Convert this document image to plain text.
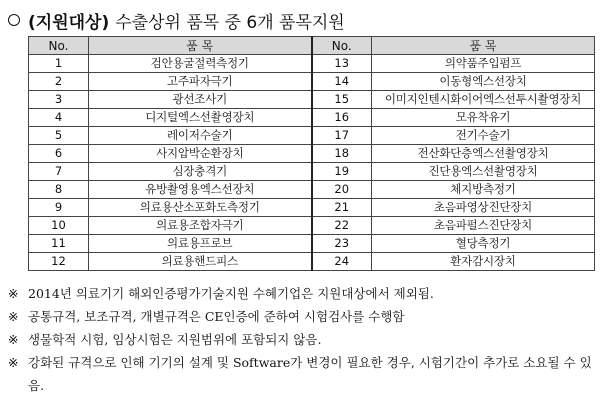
(지원대상) 수출상위 품목 중 6개 품목지원
No.	품 목	No.	품 목
1	검안용굴절력측정기	13	의약품주입펌프
2	고주파자극기	14	이동형엑스선장치
3	광선조사기	15	이미지인텐시화이어엑스선투시촬영장치
4	디지털엑스선촬영장치	16	모유착유기
5	레이저수술기	17	전기수술기
6	사지압박순환장치	18	전산화단층엑스선촬영장치
7	심장충격기	19	진단용엑스선촬영장치
8	유방촬영용엑스선장치	20	체지방측정기
9	의료용산소포화도측정기	21	초음파영상진단장치
10	의료용조합자극기	22	초음파펄스진단장치
11	의료용프로브	23	혈당측정기
12	의료용핸드피스	24	환자감시장치
※ 2014년 의료기기 해외인증평가기술지원 수혜기업은 지원대상에서 제외됨.
※ 공통규격, 보조규격, 개별규격은 CE인증에 준하여 시험검사를 수행함
※ 생물학적 시험, 임상시험은 지원범위에 포함되지 않음.
※ 강화된 규격으로 인해 기기의 설계 및 Software가 변경이 필요한 경우, 시험기간이 추가로 소요될 수 있음.
